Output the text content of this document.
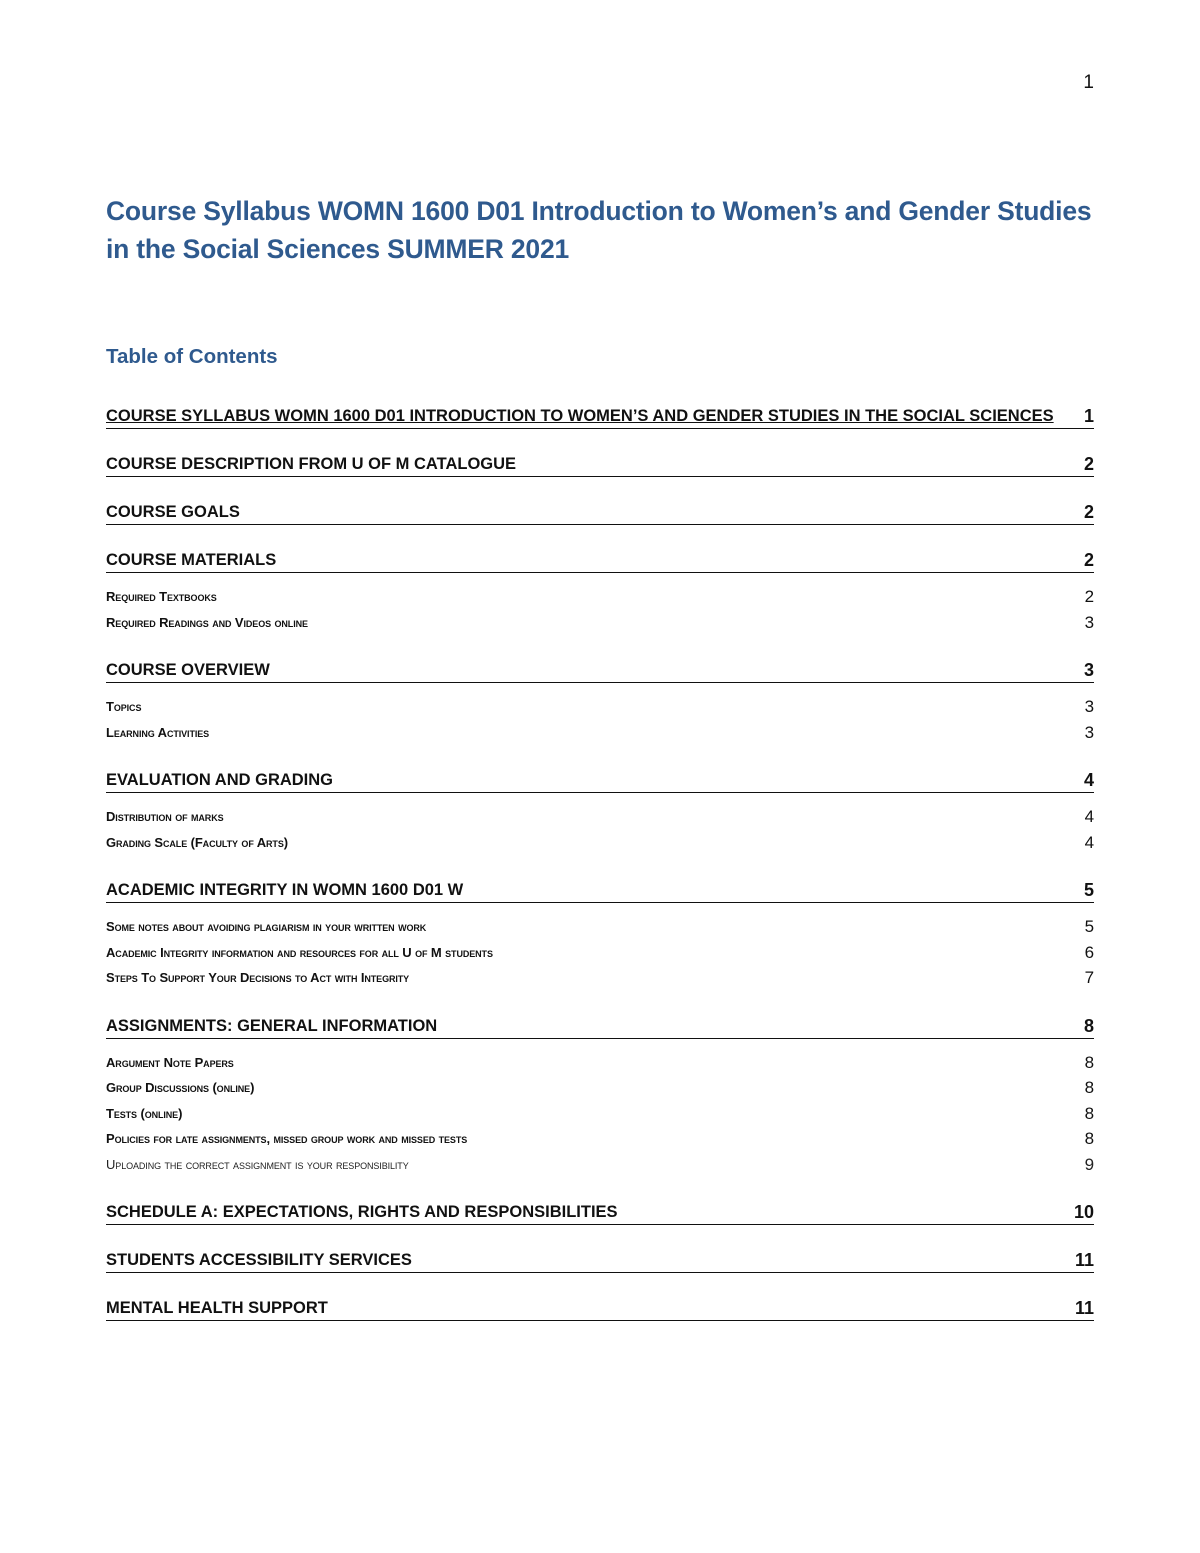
1
Course Syllabus WOMN 1600 D01 Introduction to Women’s and Gender Studies in the Social Sciences SUMMER 2021
Table of Contents
COURSE SYLLABUS WOMN 1600 D01 INTRODUCTION TO WOMEN’S AND GENDER STUDIES IN THE SOCIAL SCIENCES	1
COURSE DESCRIPTION FROM U OF M CATALOGUE	2
COURSE GOALS	2
COURSE MATERIALS	2
Required Textbooks	2
Required Readings and Videos online	3
COURSE OVERVIEW	3
Topics	3
Learning Activities	3
EVALUATION AND GRADING	4
Distribution of marks	4
Grading Scale (Faculty of Arts)	4
ACADEMIC INTEGRITY IN WOMN 1600 D01 W	5
Some notes about avoiding plagiarism in your written work	5
Academic Integrity information and resources for all U of M students	6
Steps To Support Your Decisions to Act with Integrity	7
ASSIGNMENTS: GENERAL INFORMATION	8
Argument Note Papers	8
Group Discussions (online)	8
Tests (online)	8
Policies for late assignments, missed group work and missed tests	8
Uploading the correct assignment is your responsibility	9
SCHEDULE A: EXPECTATIONS, RIGHTS AND RESPONSIBILITIES	10
STUDENTS ACCESSIBILITY SERVICES	11
MENTAL HEALTH SUPPORT	11
